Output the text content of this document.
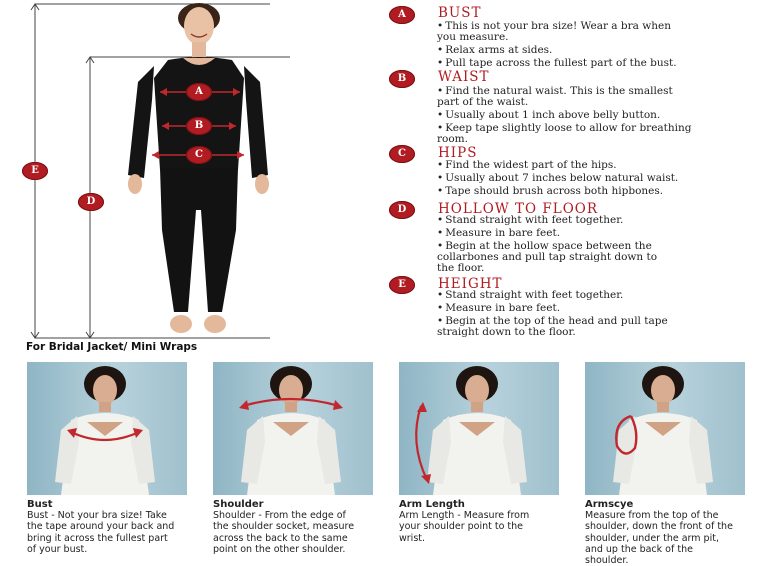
A
B
C
D
E
A	BUST
• This is not your bra size! Wear a bra when
you measure.
• Relax arms at sides.
• Pull tape across the fullest part of the bust.
B	WAIST
• Find the natural waist. This is the smallest
part of the waist.
• Usually about 1 inch above belly button.
• Keep tape slightly loose to allow for breathing
room.
C	HIPS
• Find the widest part of the hips.
• Usually about 7 inches below natural waist.
• Tape should brush across both hipbones.
D	HOLLOW TO FLOOR
• Stand straight with feet together.
• Measure in bare feet.
• Begin at the hollow space between the
collarbones and pull tap straight down to
the floor.
E	HEIGHT
• Stand straight with feet together.
• Measure in bare feet.
• Begin at the top of the head and pull tape
straight down to the floor.
For Bridal Jacket/ Mini Wraps
Bust
Bust - Not your bra size! Take
the tape around your back and
bring it across the fullest part
of your bust.
Shoulder
Shoulder - From the edge of
the shoulder socket, measure
across the back to the same
point on the other shoulder.
Arm Length
Arm Length - Measure from
your shoulder point to the
wrist.
Armscye
Measure from the top of the
shoulder, down the front of the
shoulder, under the arm pit,
and up the back of the
shoulder.
